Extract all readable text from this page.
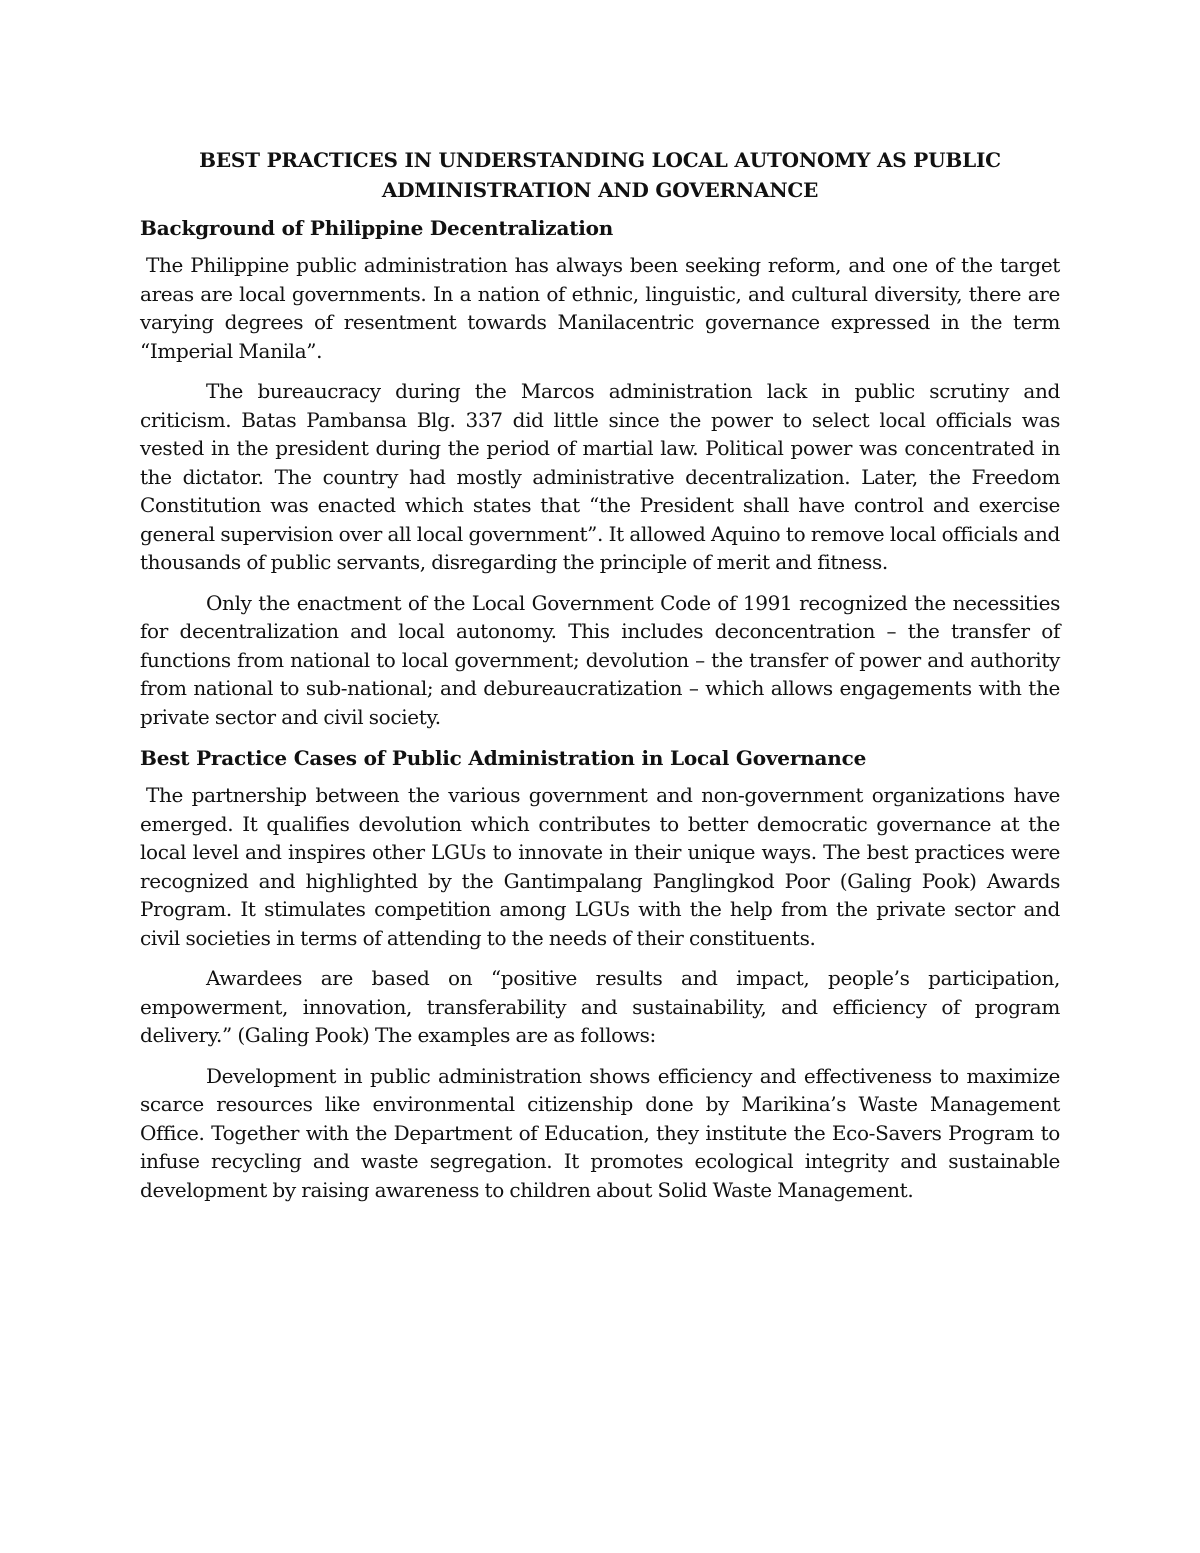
BEST PRACTICES IN UNDERSTANDING LOCAL AUTONOMY AS PUBLIC
ADMINISTRATION AND GOVERNANCE
Background of Philippine Decentralization

The Philippine public administration has always been seeking reform, and one of the target areas are local governments. In a nation of ethnic, linguistic, and cultural diversity, there are varying degrees of resentment towards Manilacentric governance expressed in the term “Imperial Manila”.

The bureaucracy during the Marcos administration lack in public scrutiny and criticism. Batas Pambansa Blg. 337 did little since the power to select local officials was vested in the president during the period of martial law. Political power was concentrated in the dictator. The country had mostly administrative decentralization. Later, the Freedom Constitution was enacted which states that “the President shall have control and exercise general supervision over all local government”. It allowed Aquino to remove local officials and thousands of public servants, disregarding the principle of merit and fitness.

Only the enactment of the Local Government Code of 1991 recognized the necessities for decentralization and local autonomy. This includes deconcentration – the transfer of functions from national to local government; devolution – the transfer of power and authority from national to sub-national; and debureaucratization – which allows engagements with the private sector and civil society.

Best Practice Cases of Public Administration in Local Governance

The partnership between the various government and non-government organizations have emerged. It qualifies devolution which contributes to better democratic governance at the local level and inspires other LGUs to innovate in their unique ways. The best practices were recognized and highlighted by the Gantimpalang Panglingkod Poor (Galing Pook) Awards Program. It stimulates competition among LGUs with the help from the private sector and civil societies in terms of attending to the needs of their constituents.

Awardees are based on “positive results and impact, people’s participation, empowerment, innovation, transferability and sustainability, and efficiency of program delivery.” (Galing Pook) The examples are as follows:

Development in public administration shows efficiency and effectiveness to maximize scarce resources like environmental citizenship done by Marikina’s Waste Management Office. Together with the Department of Education, they institute the Eco-Savers Program to infuse recycling and waste segregation. It promotes ecological integrity and sustainable development by raising awareness to children about Solid Waste Management.
